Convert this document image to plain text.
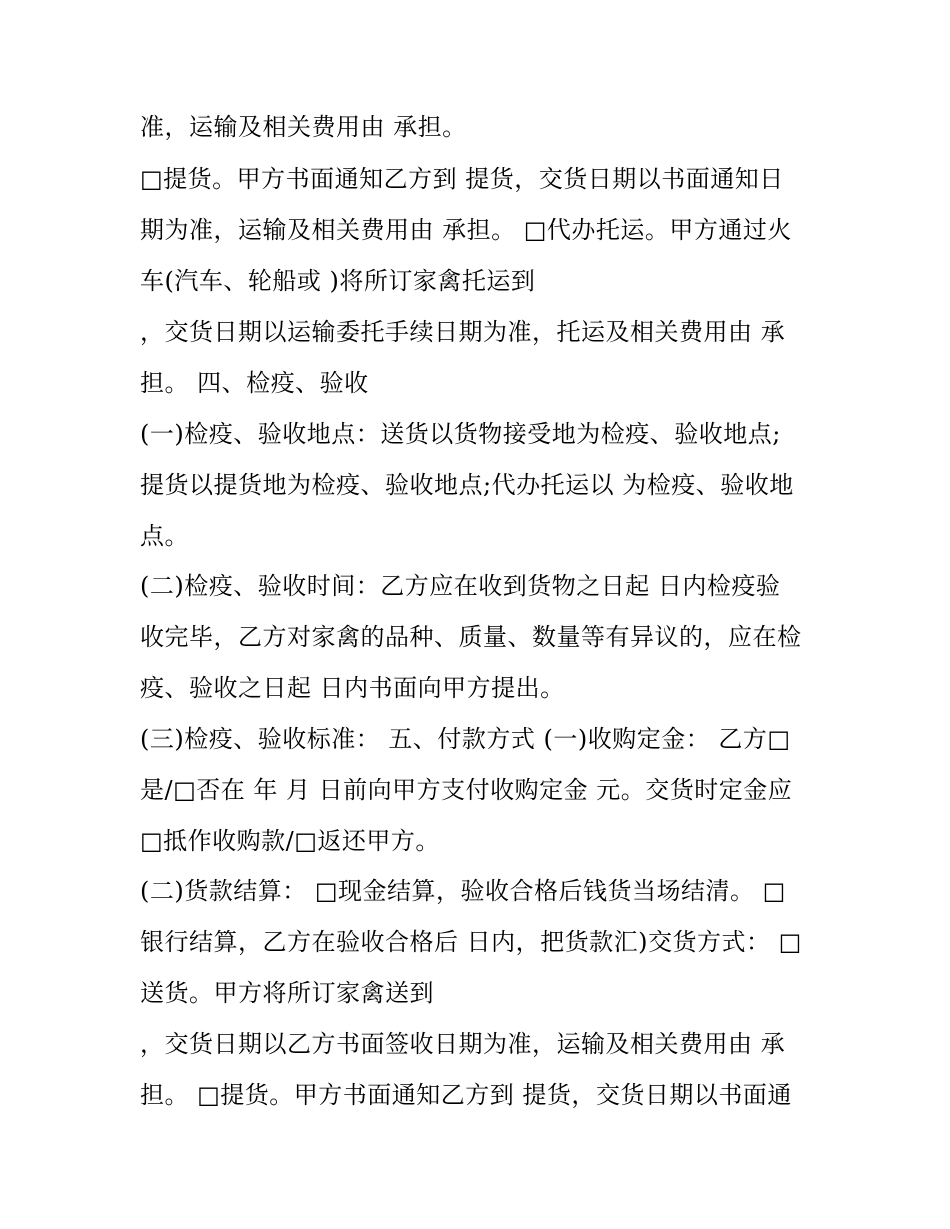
准，运输及相关费用由 承担。
□提货。甲方书面通知乙方到 提货，交货日期以书面通知日
期为准，运输及相关费用由 承担。 □代办托运。甲方通过火
车(汽车、轮船或 )将所订家禽托运到
，交货日期以运输委托手续日期为准，托运及相关费用由 承
担。 四、检疫、验收
(一)检疫、验收地点：送货以货物接受地为检疫、验收地点;
提货以提货地为检疫、验收地点;代办托运以 为检疫、验收地
点。
(二)检疫、验收时间：乙方应在收到货物之日起 日内检疫验
收完毕，乙方对家禽的品种、质量、数量等有异议的，应在检
疫、验收之日起 日内书面向甲方提出。
(三)检疫、验收标准： 五、付款方式 (一)收购定金： 乙方□
是/□否在 年 月 日前向甲方支付收购定金 元。交货时定金应
□抵作收购款/□返还甲方。
(二)货款结算： □现金结算，验收合格后钱货当场结清。 □
银行结算，乙方在验收合格后 日内，把货款汇)交货方式： □
送货。甲方将所订家禽送到
，交货日期以乙方书面签收日期为准，运输及相关费用由 承
担。 □提货。甲方书面通知乙方到 提货，交货日期以书面通
